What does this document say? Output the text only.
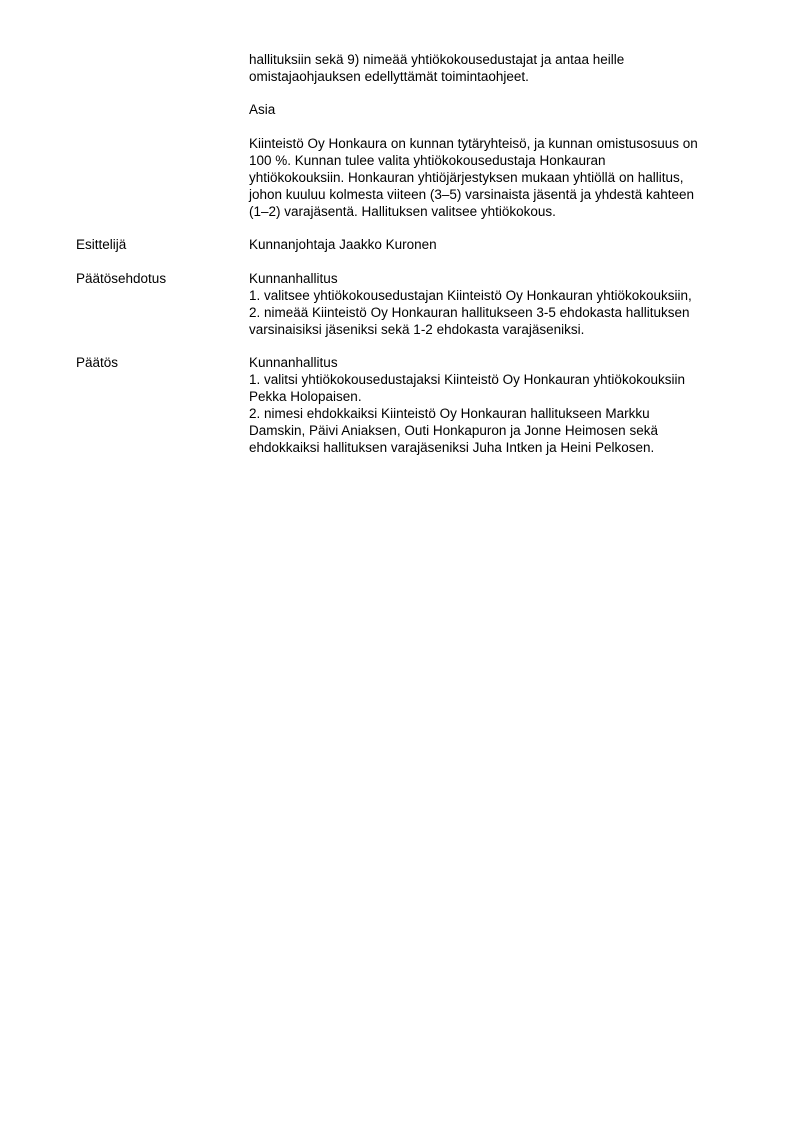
hallituksiin sekä 9) nimeää yhtiökokousedustajat ja antaa heille
omistajaohjauksen edellyttämät toimintaohjeet.
Asia
Kiinteistö Oy Honkaura on kunnan tytäryhteisö, ja kunnan omistusosuus on
100 %. Kunnan tulee valita yhtiökokousedustaja Honkauran
yhtiökokouksiin. Honkauran yhtiöjärjestyksen mukaan yhtiöllä on hallitus,
johon kuuluu kolmesta viiteen (3–5) varsinaista jäsentä ja yhdestä kahteen
(1–2) varajäsentä. Hallituksen valitsee yhtiökokous.
Esittelijä	Kunnanjohtaja Jaakko Kuronen
Päätösehdotus	Kunnanhallitus
1. valitsee yhtiökokousedustajan Kiinteistö Oy Honkauran yhtiökokouksiin,
2. nimeää Kiinteistö Oy Honkauran hallitukseen 3-5 ehdokasta hallituksen
varsinaisiksi jäseniksi sekä 1-2 ehdokasta varajäseniksi.
Päätös	Kunnanhallitus
1. valitsi yhtiökokousedustajaksi Kiinteistö Oy Honkauran yhtiökokouksiin
Pekka Holopaisen.
2. nimesi ehdokkaiksi Kiinteistö Oy Honkauran hallitukseen Markku
Damskin, Päivi Aniaksen, Outi Honkapuron ja Jonne Heimosen sekä
ehdokkaiksi hallituksen varajäseniksi Juha Intken ja Heini Pelkosen.
